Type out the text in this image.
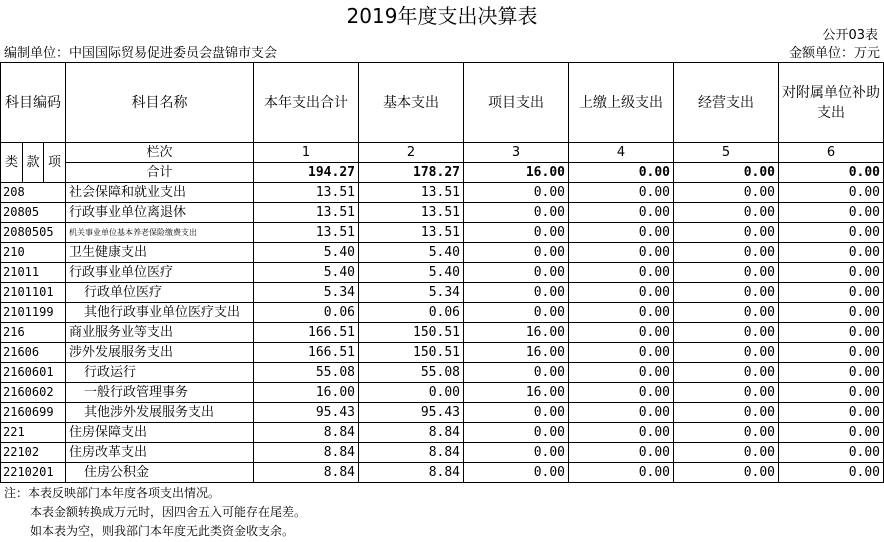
2019年度支出决算表
公开03表
编制单位：中国国际贸易促进委员会盘锦市支会	金额单位：万元
科目编码			科目名称	本年支出合计	基本支出	项目支出	上缴上级支出	经营支出	对附属单位补助支出

类	款	项	栏次	1	2	3	4	5	6
			合计	194.27	178.27	16.00	0.00	0.00	0.00
208			社会保障和就业支出	13.51	13.51	0.00	0.00	0.00	0.00
20805			行政事业单位离退休	13.51	13.51	0.00	0.00	0.00	0.00
2080505			机关事业单位基本养老保险缴费支出	13.51	13.51	0.00	0.00	0.00	0.00
210			卫生健康支出	5.40	5.40	0.00	0.00	0.00	0.00
21011			行政事业单位医疗	5.40	5.40	0.00	0.00	0.00	0.00
2101101			行政单位医疗	5.34	5.34	0.00	0.00	0.00	0.00
2101199			其他行政事业单位医疗支出	0.06	0.06	0.00	0.00	0.00	0.00
216			商业服务业等支出	166.51	150.51	16.00	0.00	0.00	0.00
21606			涉外发展服务支出	166.51	150.51	16.00	0.00	0.00	0.00
2160601			行政运行	55.08	55.08	0.00	0.00	0.00	0.00
2160602			一般行政管理事务	16.00	0.00	16.00	0.00	0.00	0.00
2160699			其他涉外发展服务支出	95.43	95.43	0.00	0.00	0.00	0.00
221			住房保障支出	8.84	8.84	0.00	0.00	0.00	0.00
22102			住房改革支出	8.84	8.84	0.00	0.00	0.00	0.00
2210201			住房公积金	8.84	8.84	0.00	0.00	0.00	0.00
注：本表反映部门本年度各项支出情况。
本表金额转换成万元时，因四舍五入可能存在尾差。
如本表为空，则我部门本年度无此类资金收支余。
